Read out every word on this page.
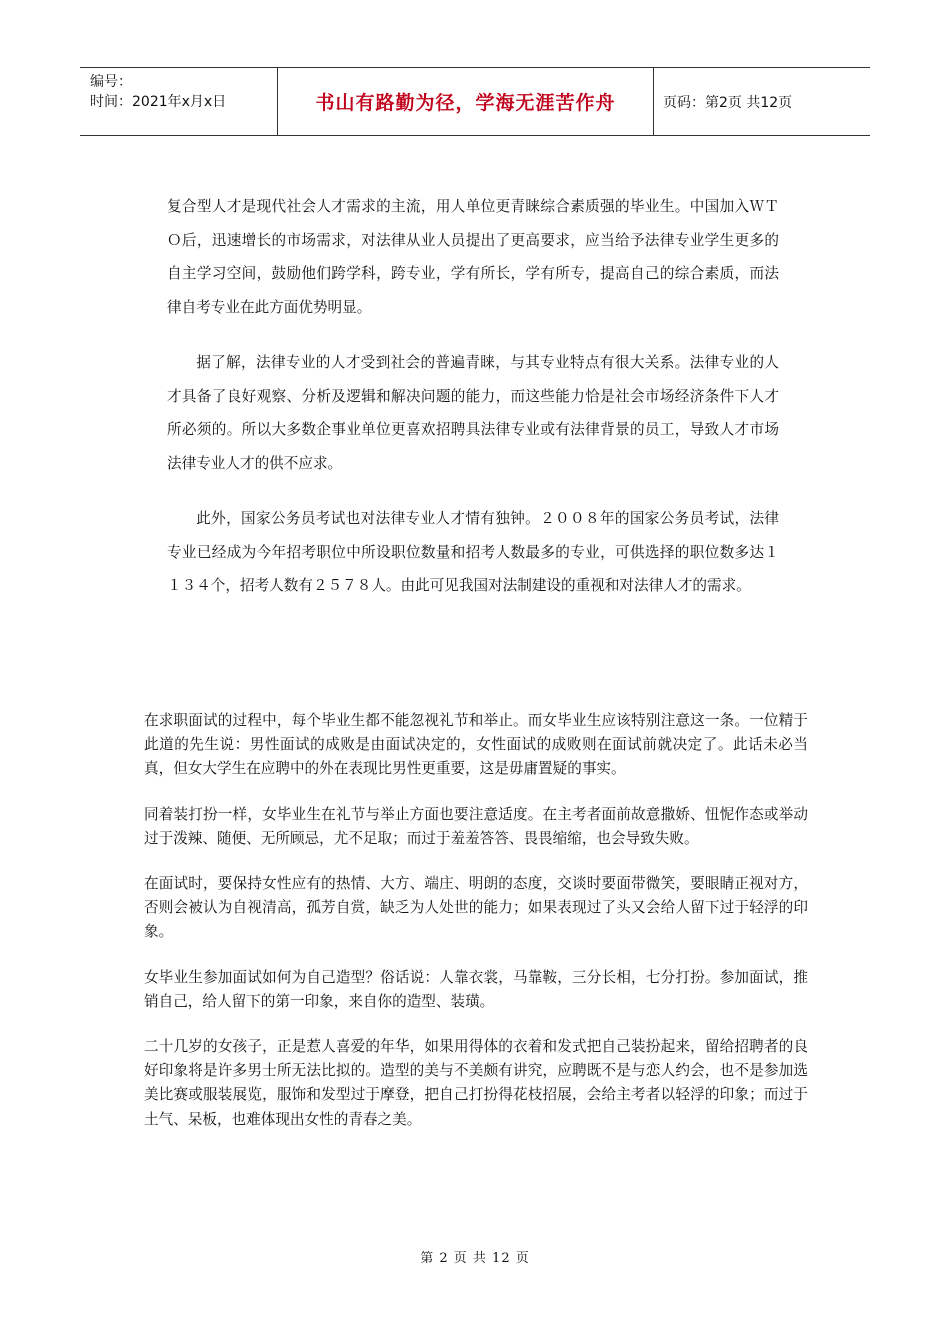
编号：
时间：2021年x月x日	书山有路勤为径，学海无涯苦作舟	页码：第2页 共12页

复合型人才是现代社会人才需求的主流，用人单位更青睐综合素质强的毕业生。中国加入ＷＴＯ后，迅速增长的市场需求，对法律从业人员提出了更高要求，应当给予法律专业学生更多的自主学习空间，鼓励他们跨学科，跨专业，学有所长，学有所专，提高自己的综合素质，而法律自考专业在此方面优势明显。

据了解，法律专业的人才受到社会的普遍青睐，与其专业特点有很大关系。法律专业的人才具备了良好观察、分析及逻辑和解决问题的能力，而这些能力恰是社会市场经济条件下人才所必须的。所以大多数企事业单位更喜欢招聘具法律专业或有法律背景的员工，导致人才市场法律专业人才的供不应求。

此外，国家公务员考试也对法律专业人才情有独钟。２００８年的国家公务员考试，法律专业已经成为今年招考职位中所设职位数量和招考人数最多的专业，可供选择的职位数多达１１３４个，招考人数有２５７８人。由此可见我国对法制建设的重视和对法律人才的需求。

在求职面试的过程中，每个毕业生都不能忽视礼节和举止。而女毕业生应该特别注意这一条。一位精于此道的先生说：男性面试的成败是由面试决定的，女性面试的成败则在面试前就决定了。此话未必当真，但女大学生在应聘中的外在表现比男性更重要，这是毋庸置疑的事实。

同着装打扮一样，女毕业生在礼节与举止方面也要注意适度。在主考者面前故意撒娇、忸怩作态或举动过于泼辣、随便、无所顾忌，尤不足取；而过于羞羞答答、畏畏缩缩，也会导致失败。

在面试时，要保持女性应有的热情、大方、端庄、明朗的态度，交谈时要面带微笑，要眼睛正视对方，否则会被认为自视清高，孤芳自赏，缺乏为人处世的能力；如果表现过了头又会给人留下过于轻浮的印象。

女毕业生参加面试如何为自己造型？俗话说：人靠衣裳，马靠鞍，三分长相，七分打扮。参加面试，推销自己，给人留下的第一印象，来自你的造型、装璜。

二十几岁的女孩子，正是惹人喜爱的年华，如果用得体的衣着和发式把自己装扮起来，留给招聘者的良好印象将是许多男士所无法比拟的。造型的美与不美颇有讲究，应聘既不是与恋人约会，也不是参加选美比赛或服装展览，服饰和发型过于摩登，把自己打扮得花枝招展，会给主考者以轻浮的印象；而过于土气、呆板，也难体现出女性的青春之美。

第 2 页 共 12 页
